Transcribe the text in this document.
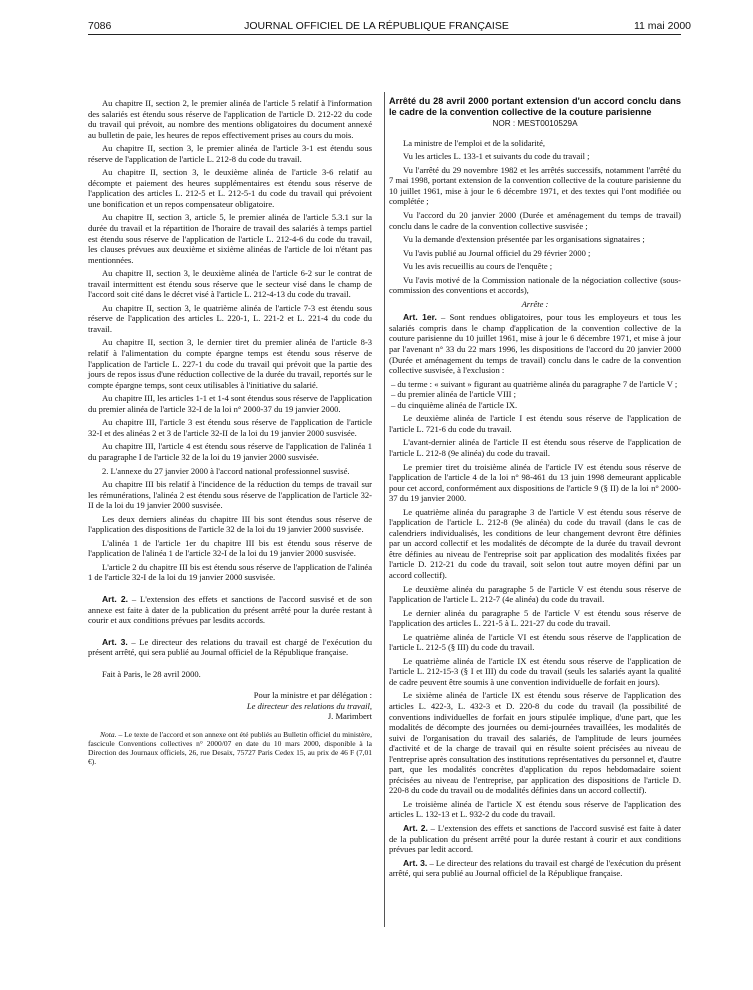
7086	JOURNAL OFFICIEL DE LA RÉPUBLIQUE FRANÇAISE	11 mai 2000

Au chapitre II, section 2, le premier alinéa de l'article 5 relatif à l'information des salariés est étendu sous réserve de l'application de l'article D. 212-22 du code du travail qui prévoit, au nombre des mentions obligatoires du document annexé au bulletin de paie, les heures de repos effectivement prises au cours du mois.

Au chapitre II, section 3, le premier alinéa de l'article 3-1 est étendu sous réserve de l'application de l'article L. 212-8 du code du travail.

Au chapitre II, section 3, le deuxième alinéa de l'article 3-6 relatif au décompte et paiement des heures supplémentaires est étendu sous réserve de l'application des articles L. 212-5 et L. 212-5-1 du code du travail qui prévoient une bonification et un repos compensateur obligatoire.

Au chapitre II, section 3, article 5, le premier alinéa de l'article 5.3.1 sur la durée du travail et la répartition de l'horaire de travail des salariés à temps partiel est étendu sous réserve de l'application de l'article L. 212-4-6 du code du travail, les clauses prévues aux deuxième et sixième alinéas de l'article de loi n'étant pas mentionnées.

Au chapitre II, section 3, le deuxième alinéa de l'article 6-2 sur le contrat de travail intermittent est étendu sous réserve que le secteur visé dans le champ de l'accord soit cité dans le décret visé à l'article L. 212-4-13 du code du travail.

Au chapitre II, section 3, le quatrième alinéa de l'article 7-3 est étendu sous réserve de l'application des articles L. 220-1, L. 221-2 et L. 221-4 du code du travail.

Au chapitre II, section 3, le dernier tiret du premier alinéa de l'article 8-3 relatif à l'alimentation du compte épargne temps est étendu sous réserve de l'application de l'article L. 227-1 du code du travail qui prévoit que la partie des jours de repos issus d'une réduction collective de la durée du travail, reportés sur le compte épargne temps, sont ceux utilisables à l'initiative du salarié.

Au chapitre III, les articles 1-1 et 1-4 sont étendus sous réserve de l'application du premier alinéa de l'article 32-I de la loi n° 2000-37 du 19 janvier 2000.

Au chapitre III, l'article 3 est étendu sous réserve de l'application de l'article 32-I et des alinéas 2 et 3 de l'article 32-II de la loi du 19 janvier 2000 susvisée.

Au chapitre III, l'article 4 est étendu sous réserve de l'application de l'alinéa 1 du paragraphe I de l'article 32 de la loi du 19 janvier 2000 susvisée.

2. L'annexe du 27 janvier 2000 à l'accord national professionnel susvisé.

Au chapitre III bis relatif à l'incidence de la réduction du temps de travail sur les rémunérations, l'alinéa 2 est étendu sous réserve de l'application de l'article 32-II de la loi du 19 janvier 2000 susvisée.

Les deux derniers alinéas du chapitre III bis sont étendus sous réserve de l'application des dispositions de l'article 32 de la loi du 19 janvier 2000 susvisée.

L'alinéa 1 de l'article 1er du chapitre III bis est étendu sous réserve de l'application de l'alinéa 1 de l'article 32-I de la loi du 19 janvier 2000 susvisée.

L'article 2 du chapitre III bis est étendu sous réserve de l'application de l'alinéa 1 de l'article 32-I de la loi du 19 janvier 2000 susvisée.

Art. 2. – L'extension des effets et sanctions de l'accord susvisé et de son annexe est faite à dater de la publication du présent arrêté pour la durée restant à courir et aux conditions prévues par lesdits accords.

Art. 3. – Le directeur des relations du travail est chargé de l'exécution du présent arrêté, qui sera publié au Journal officiel de la République française.

Fait à Paris, le 28 avril 2000.

Pour la ministre et par délégation :

Le directeur des relations du travail,

J. Marimbert

Nota. – Le texte de l'accord et son annexe ont été publiés au Bulletin officiel du ministère, fascicule Conventions collectives n° 2000/07 en date du 10 mars 2000, disponible à la Direction des Journaux officiels, 26, rue Desaix, 75727 Paris Cedex 15, au prix de 46 F (7,01 €).

Arrêté du 28 avril 2000 portant extension d'un accord conclu dans le cadre de la convention collective de la couture parisienne

NOR : MEST0010529A

La ministre de l'emploi et de la solidarité,

Vu les articles L. 133-1 et suivants du code du travail ;

Vu l'arrêté du 29 novembre 1982 et les arrêtés successifs, notamment l'arrêté du 7 mai 1998, portant extension de la convention collective de la couture parisienne du 10 juillet 1961, mise à jour le 6 décembre 1971, et des textes qui l'ont modifiée ou complétée ;

Vu l'accord du 20 janvier 2000 (Durée et aménagement du temps de travail) conclu dans le cadre de la convention collective susvisée ;

Vu la demande d'extension présentée par les organisations signataires ;

Vu l'avis publié au Journal officiel du 29 février 2000 ;

Vu les avis recueillis au cours de l'enquête ;

Vu l'avis motivé de la Commission nationale de la négociation collective (sous-commission des conventions et accords),

Arrête :

Art. 1er. – Sont rendues obligatoires, pour tous les employeurs et tous les salariés compris dans le champ d'application de la convention collective de la couture parisienne du 10 juillet 1961, mise à jour le 6 décembre 1971, et mise à jour par l'avenant n° 33 du 22 mars 1996, les dispositions de l'accord du 20 janvier 2000 (Durée et aménagement du temps de travail) conclu dans le cadre de la convention collective susvisée, à l'exclusion :

– du terme : « suivant » figurant au quatrième alinéa du paragraphe 7 de l'article V ;
– du premier alinéa de l'article VIII ;
– du cinquième alinéa de l'article IX.

Le deuxième alinéa de l'article I est étendu sous réserve de l'application de l'article L. 721-6 du code du travail.

L'avant-dernier alinéa de l'article II est étendu sous réserve de l'application de l'article L. 212-8 (9e alinéa) du code du travail.

Le premier tiret du troisième alinéa de l'article IV est étendu sous réserve de l'application de l'article 4 de la loi n° 98-461 du 13 juin 1998 demeurant applicable pour cet accord, conformément aux dispositions de l'article 9 (§ II) de la loi n° 2000-37 du 19 janvier 2000.

Le quatrième alinéa du paragraphe 3 de l'article V est étendu sous réserve de l'application de l'article L. 212-8 (9e alinéa) du code du travail (dans le cas de calendriers individualisés, les conditions de leur changement devront être définies par un accord collectif et les modalités de décompte de la durée du travail devront être définies au niveau de l'entreprise soit par application des modalités fixées par l'article D. 212-21 du code du travail, soit selon tout autre moyen défini par un accord collectif).

Le deuxième alinéa du paragraphe 5 de l'article V est étendu sous réserve de l'application de l'article L. 212-7 (4e alinéa) du code du travail.

Le dernier alinéa du paragraphe 5 de l'article V est étendu sous réserve de l'application des articles L. 221-5 à L. 221-27 du code du travail.

Le quatrième alinéa de l'article VI est étendu sous réserve de l'application de l'article L. 212-5 (§ III) du code du travail.

Le quatrième alinéa de l'article IX est étendu sous réserve de l'application de l'article L. 212-15-3 (§ I et III) du code du travail (seuls les salariés ayant la qualité de cadre peuvent être soumis à une convention individuelle de forfait en jours).

Le sixième alinéa de l'article IX est étendu sous réserve de l'application des articles L. 422-3, L. 432-3 et D. 220-8 du code du travail (la possibilité de conventions individuelles de forfait en jours stipulée implique, d'une part, que les modalités de décompte des journées ou demi-journées travaillées, les modalités de suivi de l'organisation du travail des salariés, de l'amplitude de leurs journées d'activité et de la charge de travail qui en résulte soient précisées au niveau de l'entreprise après consultation des institutions représentatives du personnel et, d'autre part, que les modalités concrètes d'application du repos hebdomadaire soient précisées au niveau de l'entreprise, par application des dispositions de l'article D. 220-8 du code du travail ou de modalités définies dans un accord collectif).

Le troisième alinéa de l'article X est étendu sous réserve de l'application des articles L. 132-13 et L. 932-2 du code du travail.

Art. 2. – L'extension des effets et sanctions de l'accord susvisé est faite à dater de la publication du présent arrêté pour la durée restant à courir et aux conditions prévues par ledit accord.

Art. 3. – Le directeur des relations du travail est chargé de l'exécution du présent arrêté, qui sera publié au Journal officiel de la République française.
